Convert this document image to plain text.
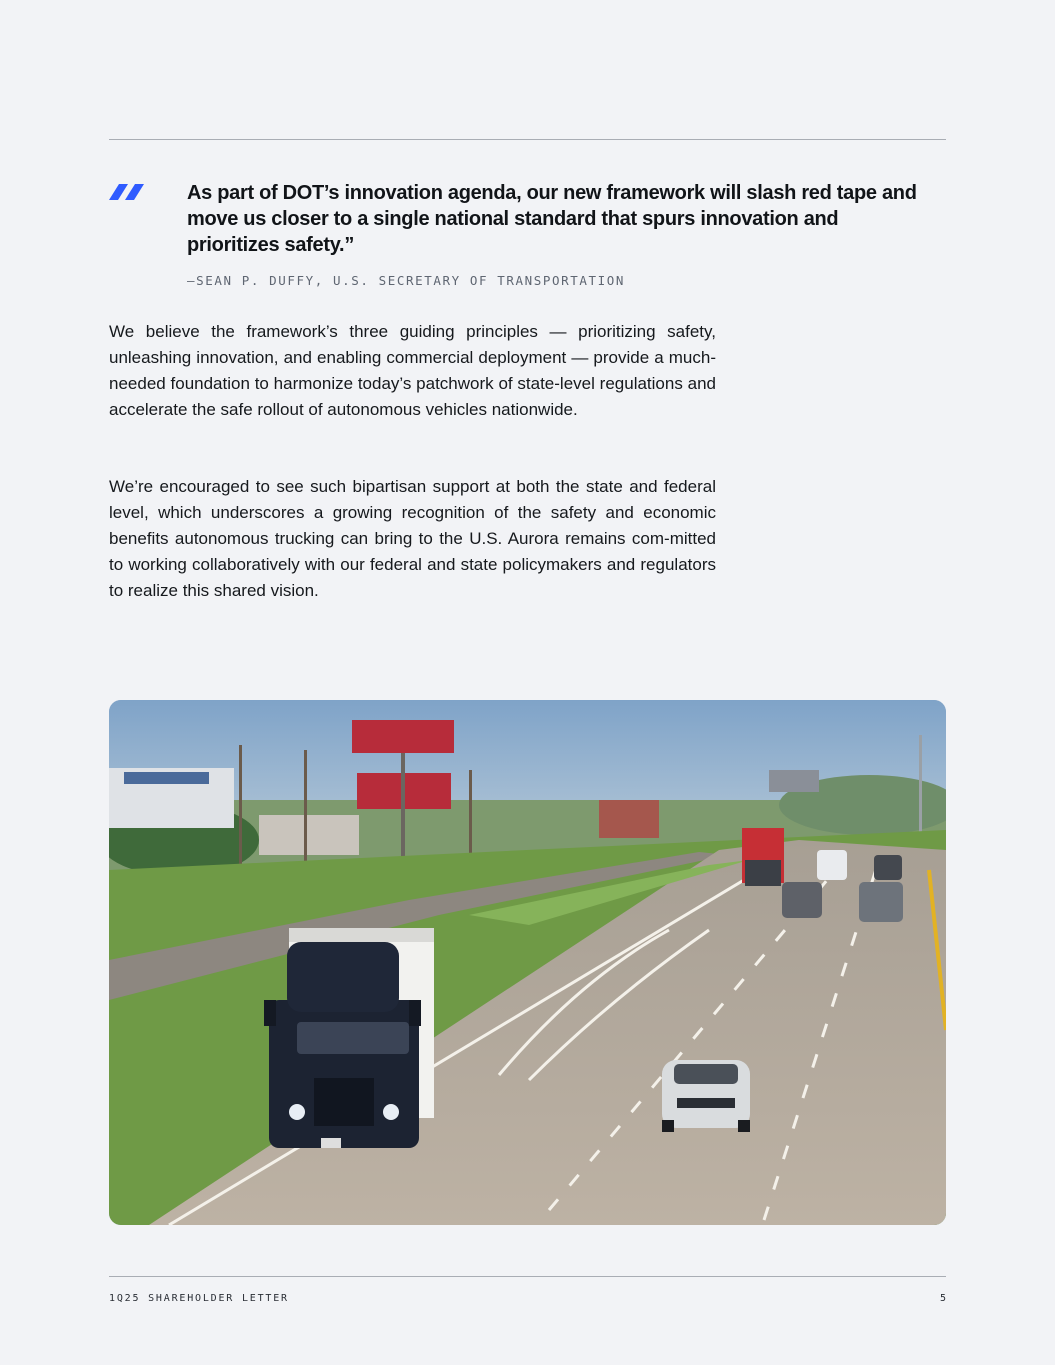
As part of DOT’s innovation agenda, our new framework will slash red tape and move us closer to a single national standard that spurs innovation and prioritizes safety.”

—SEAN P. DUFFY, U.S. SECRETARY OF TRANSPORTATION

We believe the framework’s three guiding principles — prioritizing safety, unleashing innovation, and enabling commercial deployment — provide a much-needed foundation to harmonize today’s patchwork of state-level regulations and accelerate the safe rollout of autonomous vehicles nationwide.

We’re encouraged to see such bipartisan support at both the state and federal level, which underscores a growing recognition of the safety and economic benefits autonomous trucking can bring to the U.S. Aurora remains com-mitted to working collaboratively with our federal and state policymakers and regulators to realize this shared vision.

1Q25 SHAREHOLDER LETTER	5
